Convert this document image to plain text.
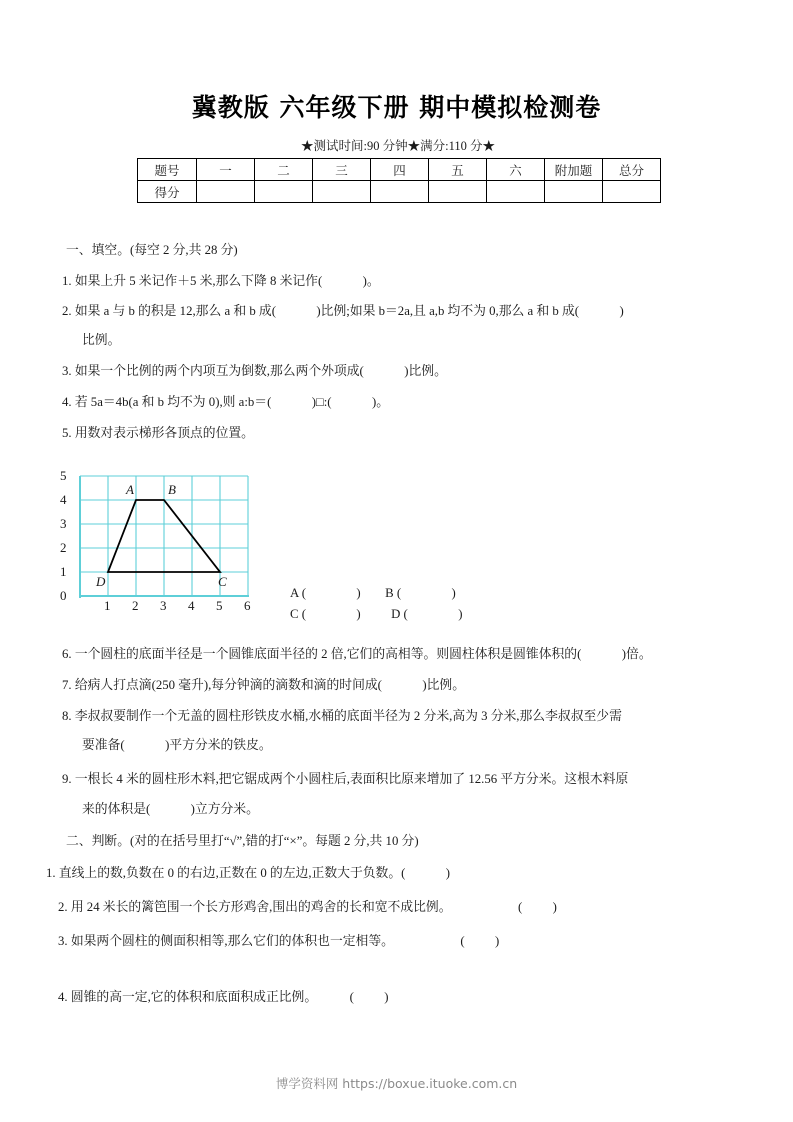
冀教版 六年级下册 期中模拟检测卷
★测试时间:90 分钟★满分:110 分★
题号	一	二	三	四	五	六	附加题	总分
得分								
一、填空。(每空 2 分,共 28 分)
1. 如果上升 5 米记作＋5 米,那么下降 8 米记作(	)。
2. 如果 a 与 b 的积是 12,那么 a 和 b 成(	)比例;如果 b＝2a,且 a,b 均不为 0,那么 a 和 b 成(	)
比例。
3. 如果一个比例的两个内项互为倒数,那么两个外项成(	)比例。
4. 若 5a＝4b(a 和 b 均不为 0),则 a:b＝(	)□:(	)。
5. 用数对表示梯形各顶点的位置。
5
4
3
2
1
0
1 2 3 4 5 6
A	B
C
D
A (	) B (	)
C (	) D (	)
6. 一个圆柱的底面半径是一个圆锥底面半径的 2 倍,它们的高相等。则圆柱体积是圆锥体积的(	)倍。
7. 给病人打点滴(250 毫升),每分钟滴的滴数和滴的时间成(	)比例。
8. 李叔叔要制作一个无盖的圆柱形铁皮水桶,水桶的底面半径为 2 分米,高为 3 分米,那么李叔叔至少需
要准备(	)平方分米的铁皮。
9. 一根长 4 米的圆柱形木料,把它锯成两个小圆柱后,表面积比原来增加了 12.56 平方分米。这根木料原
来的体积是(	)立方分米。
二、判断。(对的在括号里打“√”,错的打“×”。每题 2 分,共 10 分)
1. 直线上的数,负数在 0 的右边,正数在 0 的左边,正数大于负数。(	)
2. 用 24 米长的篱笆围一个长方形鸡舍,围出的鸡舍的长和宽不成比例。	( )
3. 如果两个圆柱的侧面积相等,那么它们的体积也一定相等。	( )
4. 圆锥的高一定,它的体积和底面积成正比例。	( )
博学资料网 https://boxue.ituoke.com.cn
